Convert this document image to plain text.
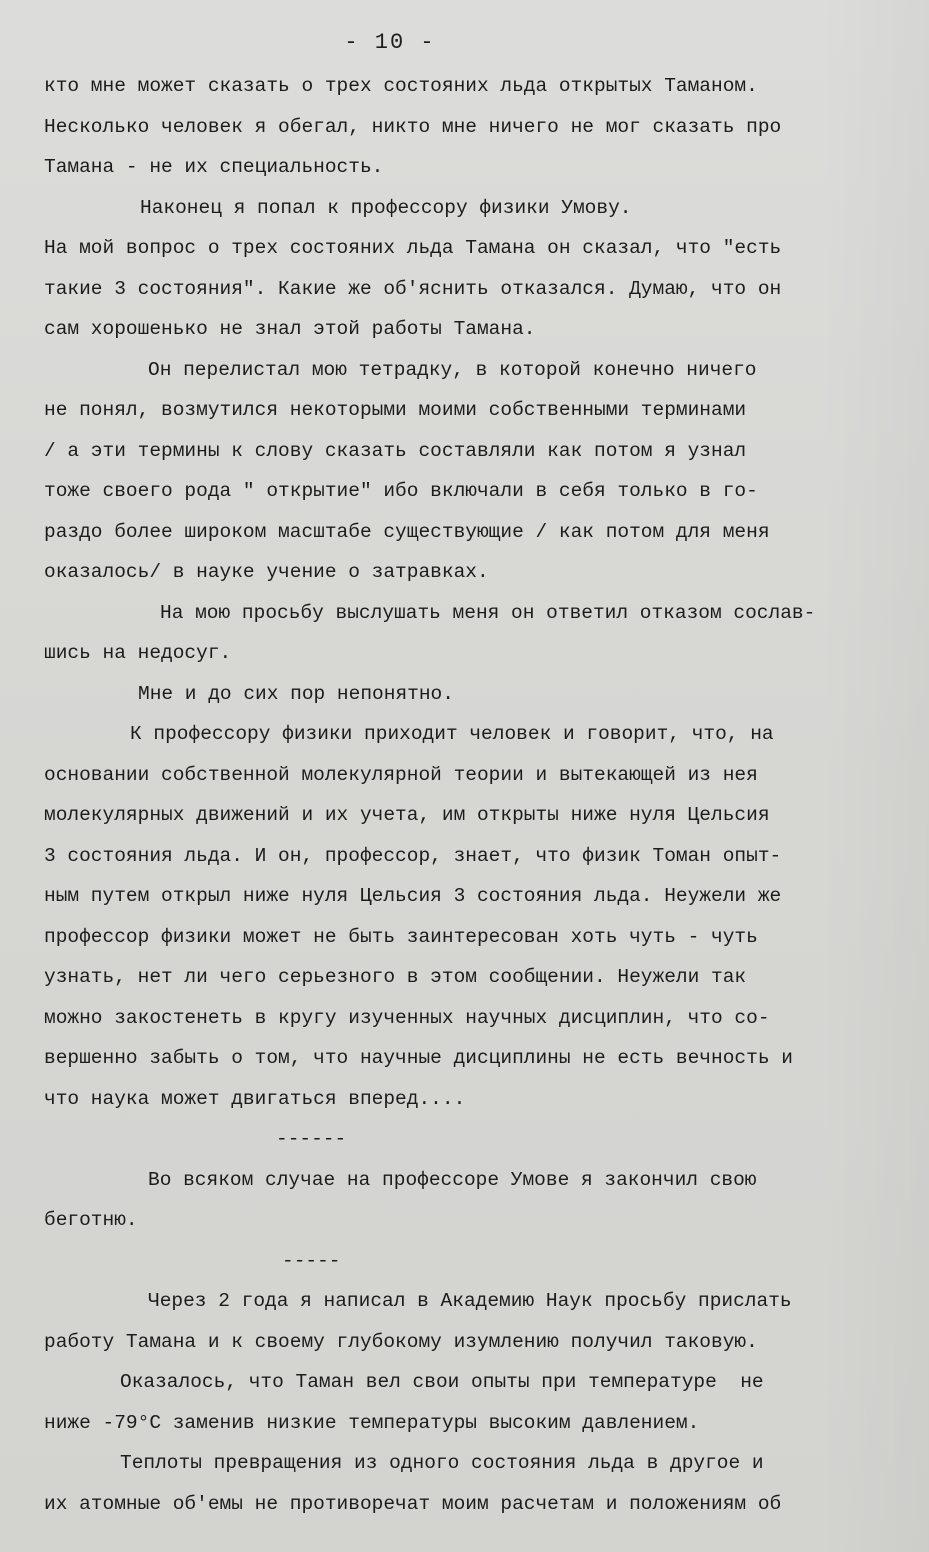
- 10 -
кто мне может сказать о трех состояних льда открытых Таманом.
Несколько человек я обегал, никто мне ничего не мог сказать про
Тамана - не их специальность.
Наконец я попал к профессору физики Умову.
На мой вопрос о трех состояних льда Тамана он сказал, что "есть
такие 3 состояния". Какие же об'яснить отказался. Думаю, что он
сам хорошенько не знал этой работы Тамана.
Он перелистал мою тетрадку, в которой конечно ничего
не понял, возмутился некоторыми моими собственными терминами
/ а эти термины к слову сказать составляли как потом я узнал
тоже своего рода " открытие" ибо включали в себя только в го-
раздо более широком масштабе существующие / как потом для меня
оказалось/ в науке учение о затравках.
На мою просьбу выслушать меня он ответил отказом сослав-
шись на недосуг.
Мне и до сих пор непонятно.
К профессору физики приходит человек и говорит, что, на
основании собственной молекулярной теории и вытекающей из нея
молекулярных движений и их учета, им открыты ниже нуля Цельсия
3 состояния льда. И он, профессор, знает, что физик Томан опыт-
ным путем открыл ниже нуля Цельсия 3 состояния льда. Неужели же
профессор физики может не быть заинтересован хоть чуть - чуть
узнать, нет ли чего серьезного в этом сообщении. Неужели так
можно закостенеть в кругу изученных научных дисциплин, что со-
вершенно забыть о том, что научные дисциплины не есть вечность и
что наука может двигаться вперед....
------
Во всяком случае на профессоре Умове я закончил свою
беготню.
-----
Через 2 года я написал в Академию Наук просьбу прислать
работу Тамана и к своему глубокому изумлению получил таковую.
Оказалось, что Таман вел свои опыты при температуре  не
ниже -79°С заменив низкие температуры высоким давлением.
Теплоты превращения из одного состояния льда в другое и
их атомные об'емы не противоречат моим расчетам и положениям об
